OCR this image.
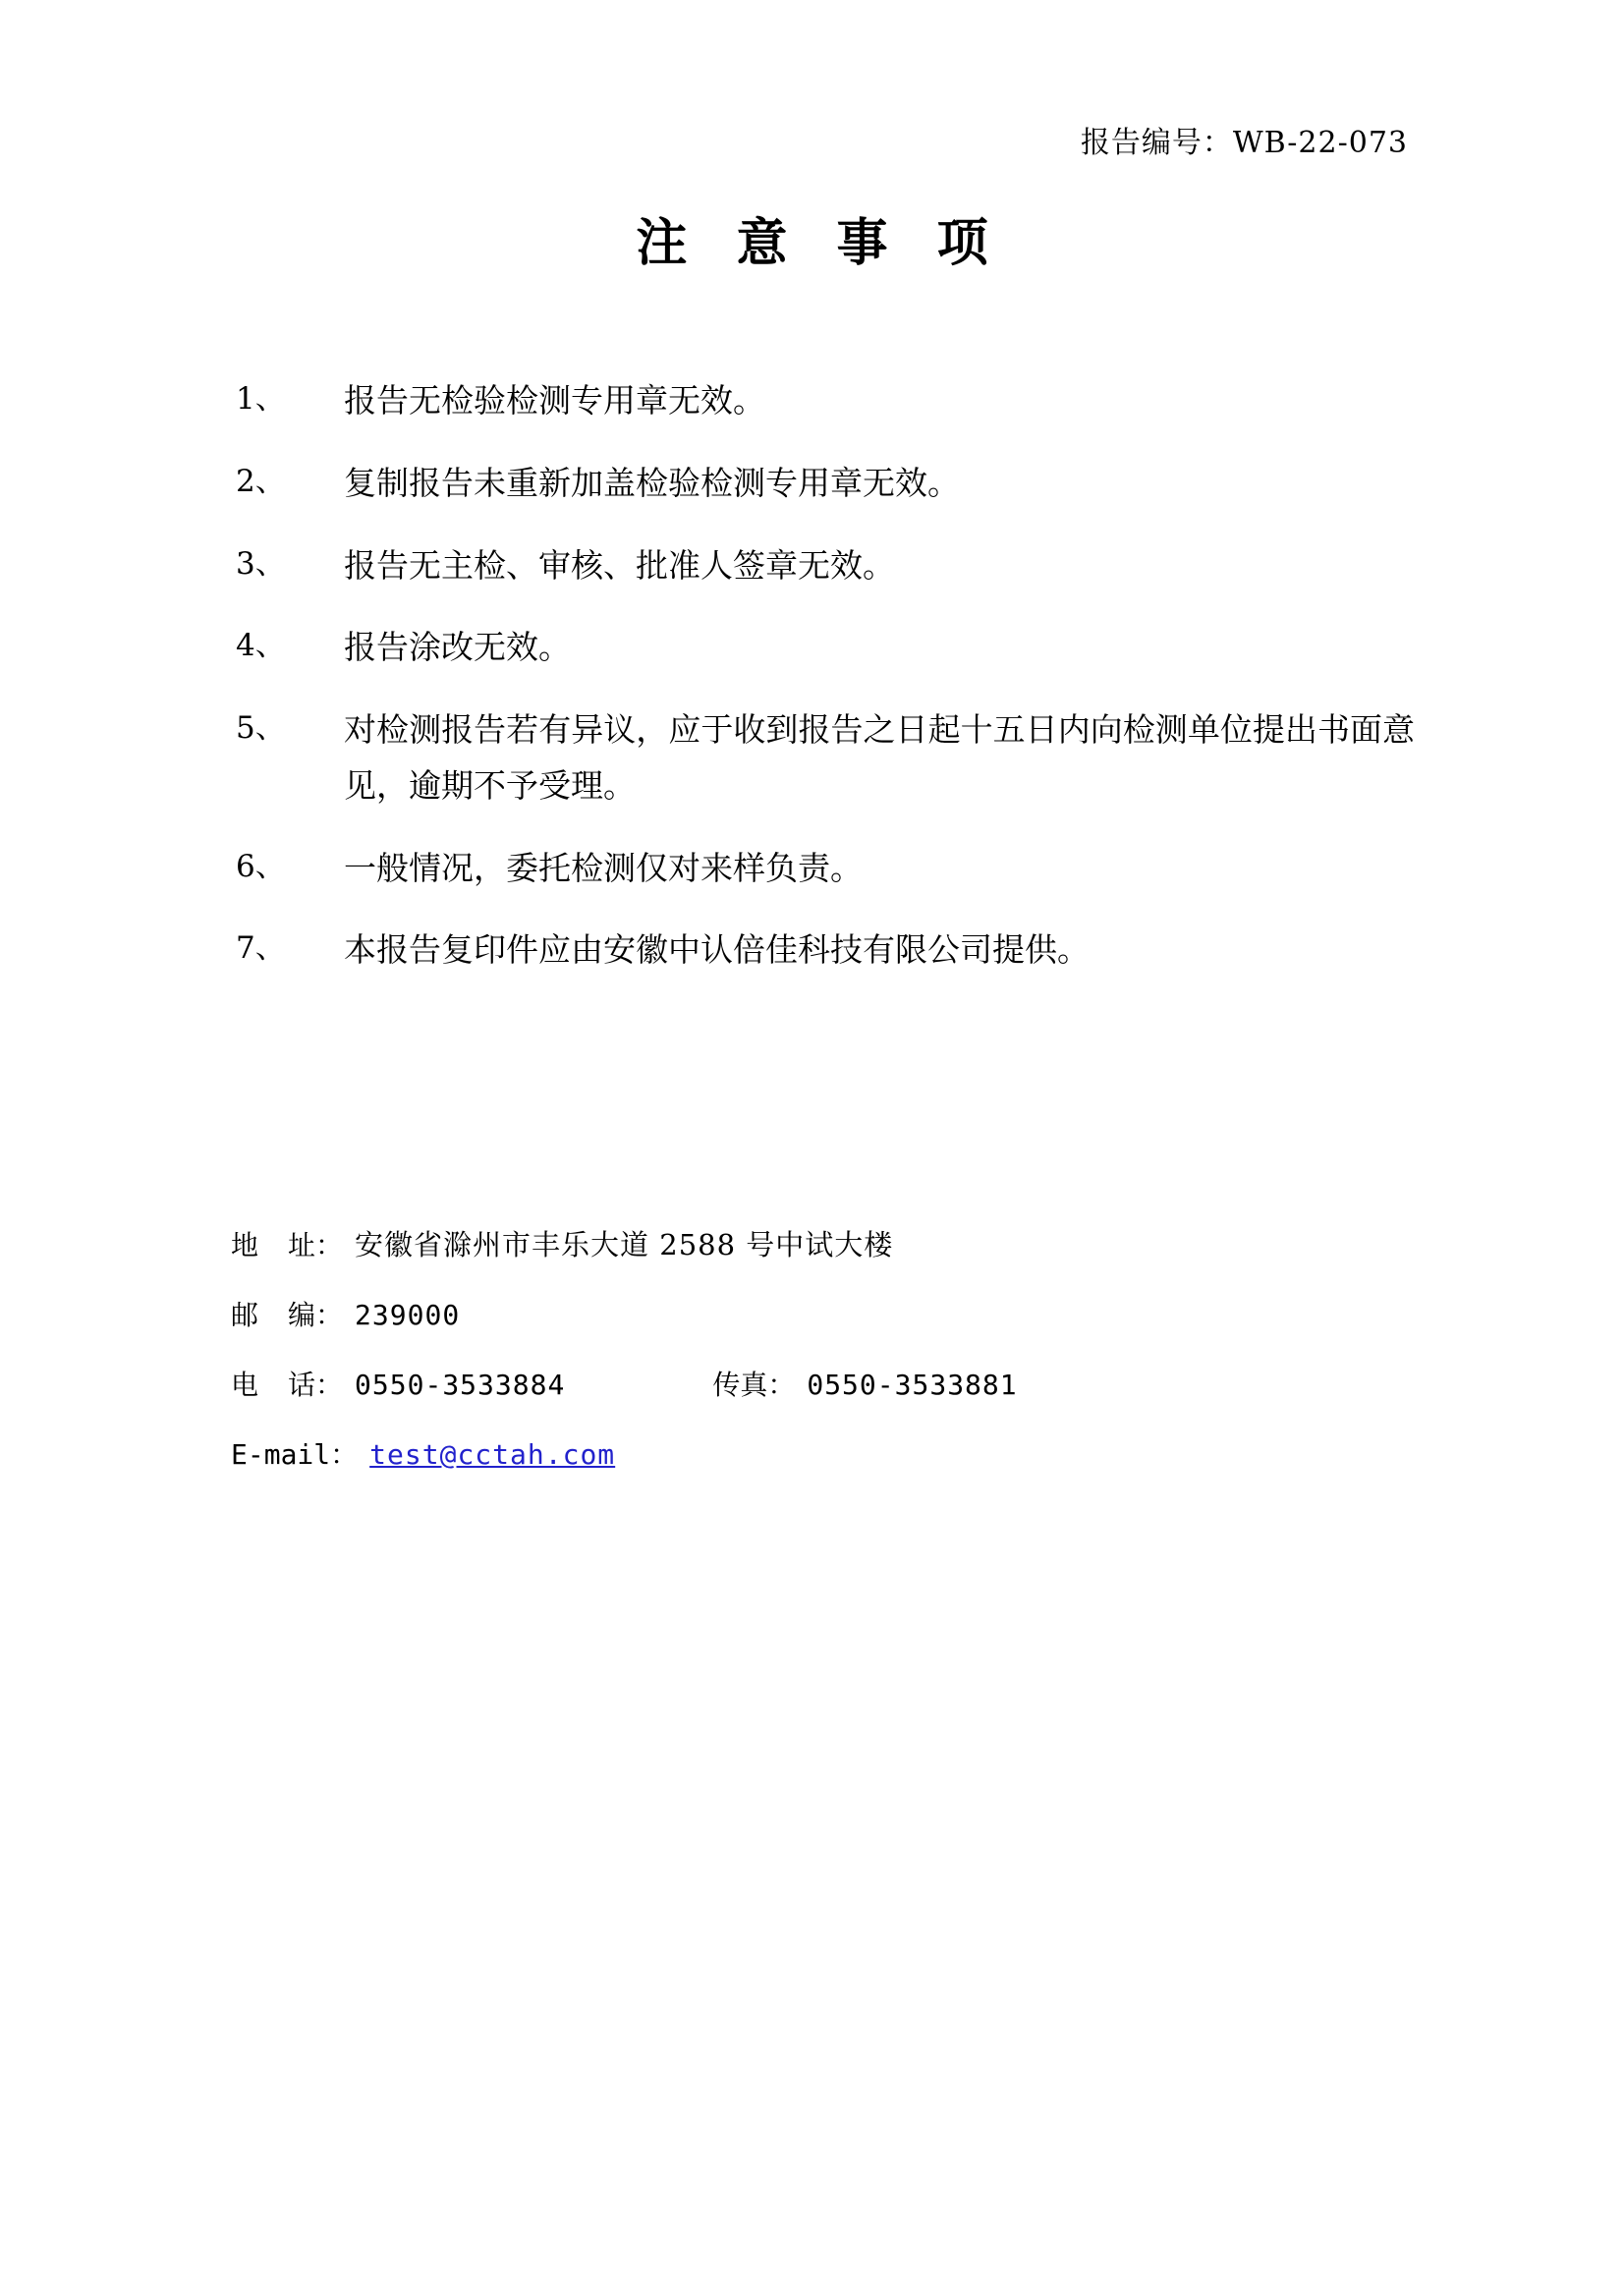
报告编号：WB-22-073
注 意 事 项
1、	报告无检验检测专用章无效。
2、	复制报告未重新加盖检验检测专用章无效。
3、	报告无主检、审核、批准人签章无效。
4、	报告涂改无效。
5、	对检测报告若有异议，应于收到报告之日起十五日内向检测单位提出书面意见，逾期不予受理。
6、	一般情况，委托检测仅对来样负责。
7、	本报告复印件应由安徽中认倍佳科技有限公司提供。
地址： 安徽省滁州市丰乐大道 2588 号中试大楼
邮编： 239000
电话： 0550-3533884	传真： 0550-3533881
E-mail： test@cctah.com
